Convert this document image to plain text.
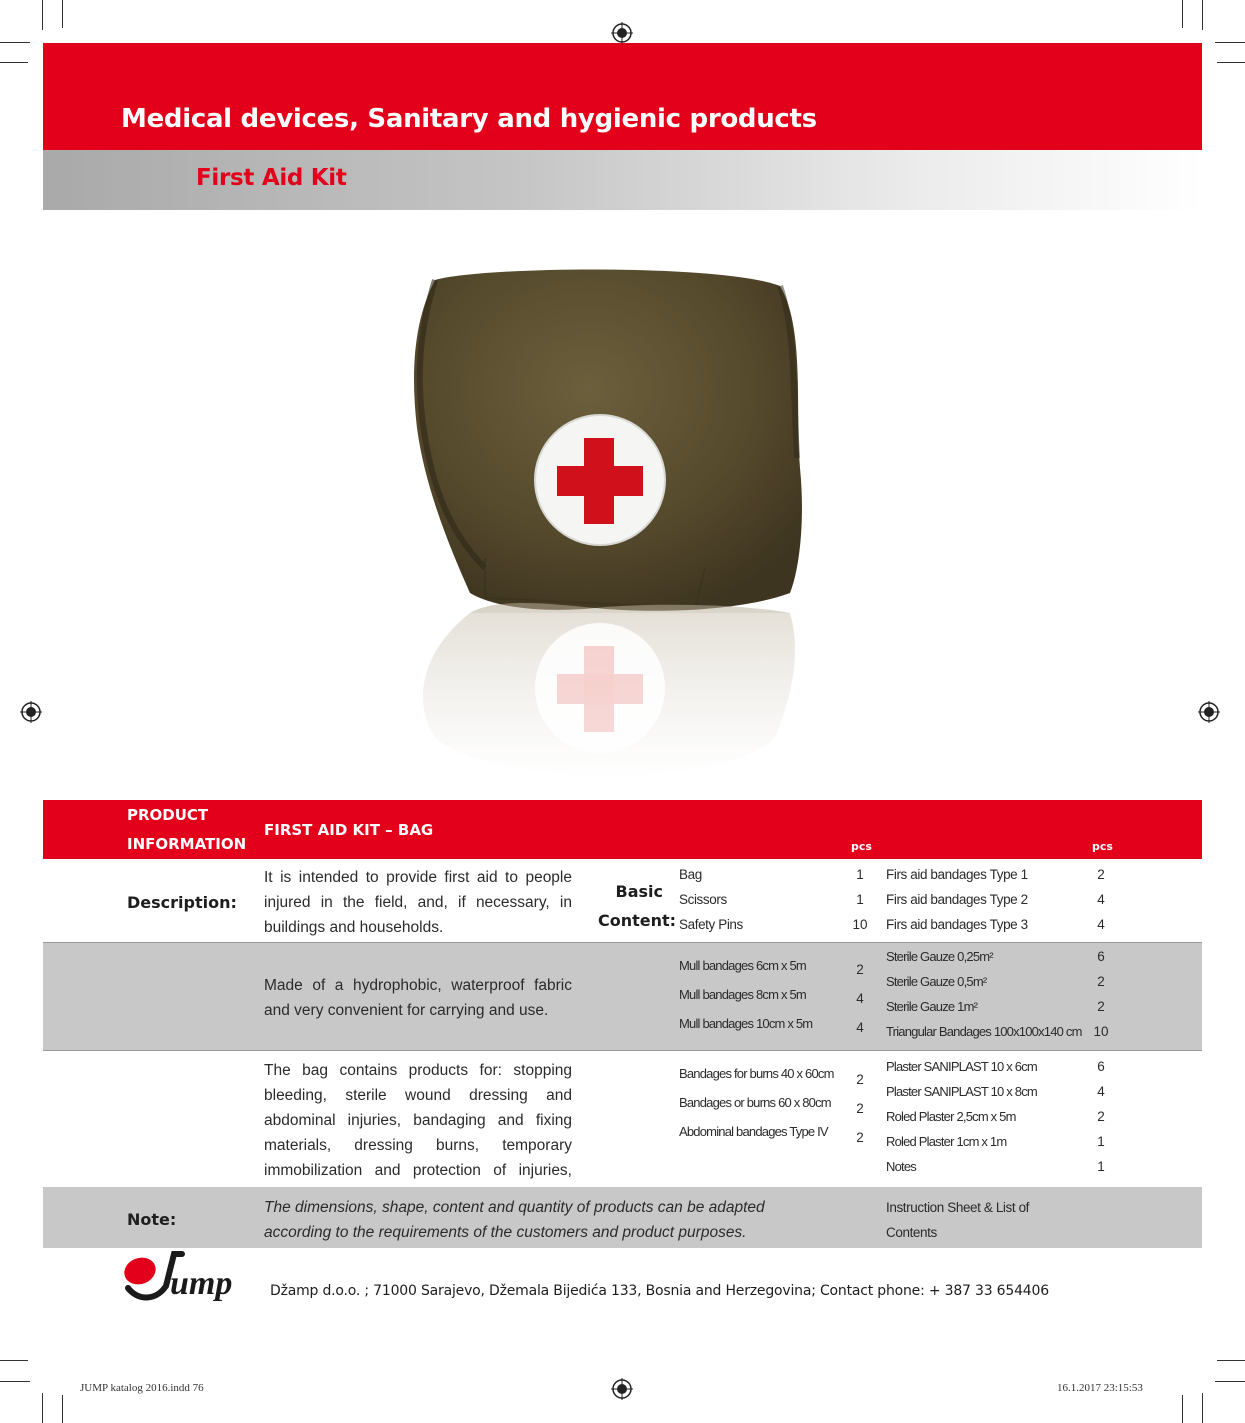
Medical devices, Sanitary and hygienic products
First Aid Kit
PRODUCT
INFORMATION
FIRST AID KIT – BAG
pcs	pcs
Description:
It is intended to provide first aid to people injured in the field, and, if necessary, in buildings and households.
Basic
Content:
Bag	1
Scissors	1
Safety Pins	10
Firs aid bandages Type 1	2
Firs aid bandages Type 2	4
Firs aid bandages Type 3	4
Made of a hydrophobic, waterproof fabric and very convenient for carrying and use.
Mull bandages 6cm x 5m	2
Mull bandages 8cm x 5m	4
Mull bandages 10cm x 5m	4
Sterile Gauze 0,25m²	6
Sterile Gauze 0,5m²	2
Sterile Gauze 1m²	2
Triangular Bandages 100x100x140 cm 10
The bag contains products for: stopping bleeding, sterile wound dressing and abdominal injuries, bandaging and fixing materials, dressing burns, temporary immobilization and protection of injuries,
Bandages for burns 40 x 60cm	2
Bandages or burns 60 x 80cm	2
Abdominal bandages Type IV	2
Plaster SANIPLAST 10 x 6cm	6
Plaster SANIPLAST 10 x 8cm	4
Roled Plaster 2,5cm x 5m	2
Roled Plaster 1cm x 1m	1
Notes	1
Note:
The dimensions, shape, content and quantity of products can be adapted according to the requirements of the customers and product purposes.
Instruction Sheet & List of
Contents
ump	Džamp d.o.o. ; 71000 Sarajevo, Džemala Bijedića 133, Bosnia and Herzegovina; Contact phone: + 387 33 654406
JUMP katalog 2016.indd 76	16.1.2017 23:15:53
